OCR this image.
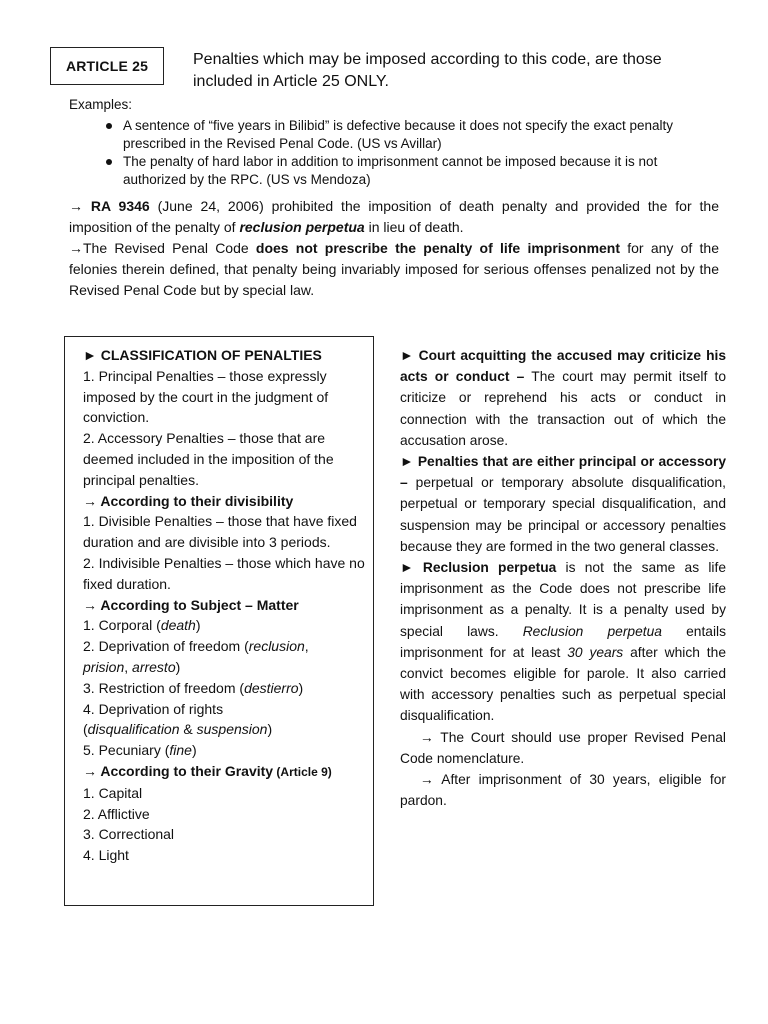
ARTICLE 25	Penalties which may be imposed according to this code, are those included in Article 25 ONLY.
Examples:
A sentence of “five years in Bilibid” is defective because it does not specify the exact penalty prescribed in the Revised Penal Code. (US vs Avillar)
The penalty of hard labor in addition to imprisonment cannot be imposed because it is not authorized by the RPC. (US vs Mendoza)
→ RA 9346 (June 24, 2006) prohibited the imposition of death penalty and provided the for the imposition of the penalty of reclusion perpetua in lieu of death.
→The Revised Penal Code does not prescribe the penalty of life imprisonment for any of the felonies therein defined, that penalty being invariably imposed for serious offenses penalized not by the Revised Penal Code but by special law.
► CLASSIFICATION OF PENALTIES
1. Principal Penalties – those expressly imposed by the court in the judgment of conviction.
2. Accessory Penalties – those that are deemed included in the imposition of the principal penalties.
→ According to their divisibility
1. Divisible Penalties – those that have fixed duration and are divisible into 3 periods.
2. Indivisible Penalties – those which have no fixed duration.
→ According to Subject – Matter
1. Corporal (death)
2. Deprivation of freedom (reclusion,
prision, arresto)
3. Restriction of freedom (destierro)
4. Deprivation of rights
(disqualification & suspension)
5. Pecuniary (fine)
→ According to their Gravity (Article 9)
1. Capital
2. Afflictive
3. Correctional
4. Light

► Court acquitting the accused may criticize his acts or conduct – The court may permit itself to criticize or reprehend his acts or conduct in connection with the transaction out of which the accusation arose.

► Penalties that are either principal or accessory – perpetual or temporary absolute disqualification, perpetual or temporary special disqualification, and suspension may be principal or accessory penalties because they are formed in the two general classes.

► Reclusion perpetua is not the same as life imprisonment as the Code does not prescribe life imprisonment as a penalty. It is a penalty used by special laws. Reclusion perpetua entails imprisonment for at least 30 years after which the convict becomes eligible for parole. It also carried with accessory penalties such as perpetual special disqualification.

→ The Court should use proper Revised Penal   Code nomenclature.

→ After imprisonment of 30 years, eligible for pardon.
